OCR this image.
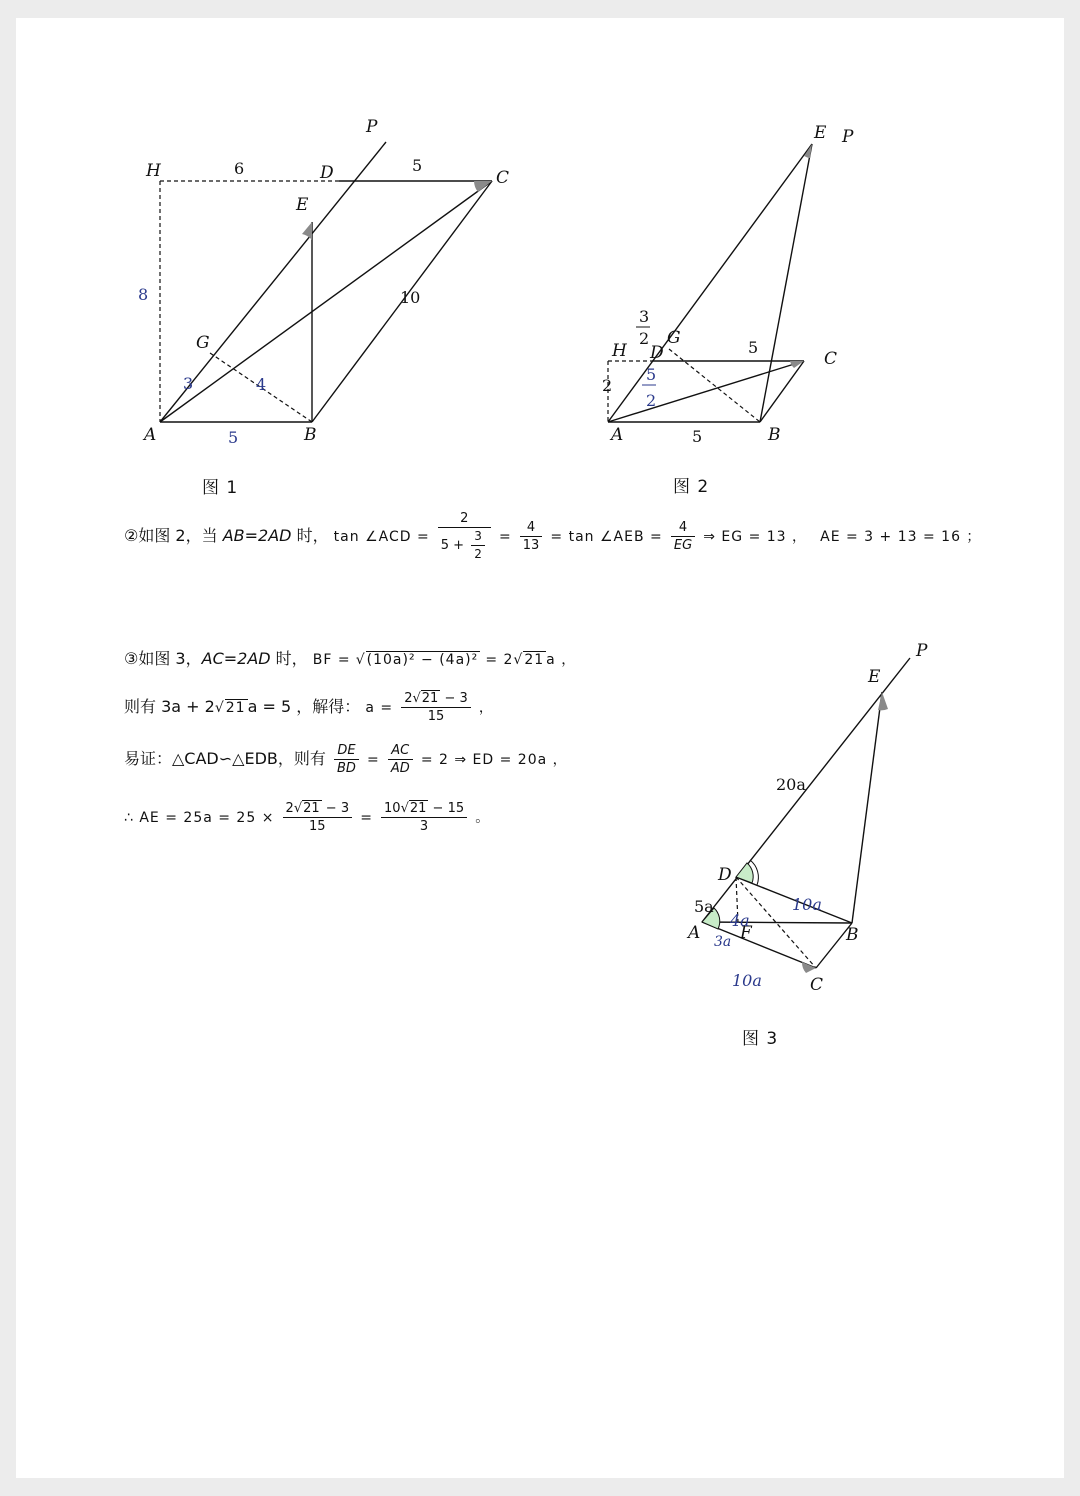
P
H	D	C
E
G
A	B
6	5
8	10
3	4
5
图 1
E P
G
H D	C
A	B
3
2	5
2
5
2
5
图 2
②如图 2，当 AB=2AD 时， tan ∠ACD = $\frac{2}{5 + \frac{3}{2}} = \frac{4}{13} = \tan$ ∠AEB = $\frac{4}{EG}$ ⇒ EG = 13 ， AE = 3 + 13 = 16 ；
③如图 3，AC=2AD 时， BF = √(10a)² − (4a)² = 2√21 a ，
则有 3a + 2√21 a = 5 ，解得： $a = \frac{2√21 - 3}{15}$ ，
易证：△CAD∽△EDB，则有 $\frac{DE}{BD} = \frac{AC}{AD} = 2$ ⇒ ED = 20a ，
∴ AE = $25a = 25 \times \frac{2√21 - 3}{15} = \frac{10√21 - 15}{3}$ 。
P
E
D
A F	B
C
20a
5a	10a
4a
3a
10a
图 3
